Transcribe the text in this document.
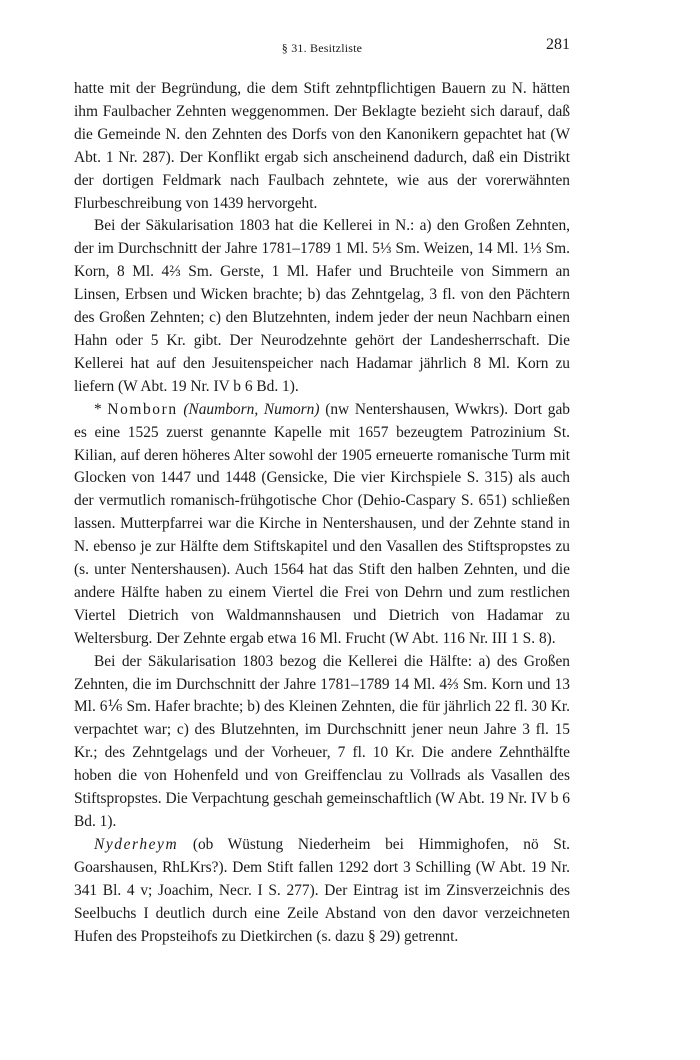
§ 31. Besitzliste	281

hatte mit der Begründung, die dem Stift zehntpflichtigen Bauern zu N. hätten ihm Faulbacher Zehnten weggenommen. Der Beklagte bezieht sich darauf, daß die Gemeinde N. den Zehnten des Dorfs von den Kanonikern gepachtet hat (W Abt. 1 Nr. 287). Der Konflikt ergab sich anscheinend dadurch, daß ein Distrikt der dortigen Feldmark nach Faulbach zehntete, wie aus der vorerwähnten Flurbeschreibung von 1439 hervorgeht.

Bei der Säkularisation 1803 hat die Kellerei in N.: a) den Großen Zehnten, der im Durchschnitt der Jahre 1781–1789 1 Ml. 5⅓ Sm. Weizen, 14 Ml. 1⅓ Sm. Korn, 8 Ml. 4⅔ Sm. Gerste, 1 Ml. Hafer und Bruchteile von Simmern an Linsen, Erbsen und Wicken brachte; b) das Zehntgelag, 3 fl. von den Pächtern des Großen Zehnten; c) den Blutzehnten, indem jeder der neun Nachbarn einen Hahn oder 5 Kr. gibt. Der Neurodzehnte gehört der Landesherrschaft. Die Kellerei hat auf den Jesuitenspeicher nach Hadamar jährlich 8 Ml. Korn zu liefern (W Abt. 19 Nr. IV b 6 Bd. 1).

* Nomborn (Naumborn, Numorn) (nw Nentershausen, Wwkrs). Dort gab es eine 1525 zuerst genannte Kapelle mit 1657 bezeugtem Patrozinium St. Kilian, auf deren höheres Alter sowohl der 1905 erneuerte romanische Turm mit Glocken von 1447 und 1448 (Gensicke, Die vier Kirchspiele S. 315) als auch der vermutlich romanisch-frühgotische Chor (Dehio-Caspary S. 651) schließen lassen. Mutterpfarrei war die Kirche in Nentershausen, und der Zehnte stand in N. ebenso je zur Hälfte dem Stiftskapitel und den Vasallen des Stiftspropstes zu (s. unter Nentershausen). Auch 1564 hat das Stift den halben Zehnten, und die andere Hälfte haben zu einem Viertel die Frei von Dehrn und zum restlichen Viertel Dietrich von Waldmannshausen und Dietrich von Hadamar zu Weltersburg. Der Zehnte ergab etwa 16 Ml. Frucht (W Abt. 116 Nr. III 1 S. 8).

Bei der Säkularisation 1803 bezog die Kellerei die Hälfte: a) des Großen Zehnten, die im Durchschnitt der Jahre 1781–1789 14 Ml. 4⅔ Sm. Korn und 13 Ml. 6⅙ Sm. Hafer brachte; b) des Kleinen Zehnten, die für jährlich 22 fl. 30 Kr. verpachtet war; c) des Blutzehnten, im Durchschnitt jener neun Jahre 3 fl. 15 Kr.; des Zehntgelags und der Vorheuer, 7 fl. 10 Kr. Die andere Zehnthälfte hoben die von Hohenfeld und von Greiffenclau zu Vollrads als Vasallen des Stiftspropstes. Die Verpachtung geschah gemeinschaftlich (W Abt. 19 Nr. IV b 6 Bd. 1).

Nyderheym (ob Wüstung Niederheim bei Himmighofen, nö St. Goarshausen, RhLKrs?). Dem Stift fallen 1292 dort 3 Schilling (W Abt. 19 Nr. 341 Bl. 4 v; Joachim, Necr. I S. 277). Der Eintrag ist im Zinsverzeichnis des Seelbuchs I deutlich durch eine Zeile Abstand von den davor verzeichneten Hufen des Propsteihofs zu Dietkirchen (s. dazu § 29) getrennt.
